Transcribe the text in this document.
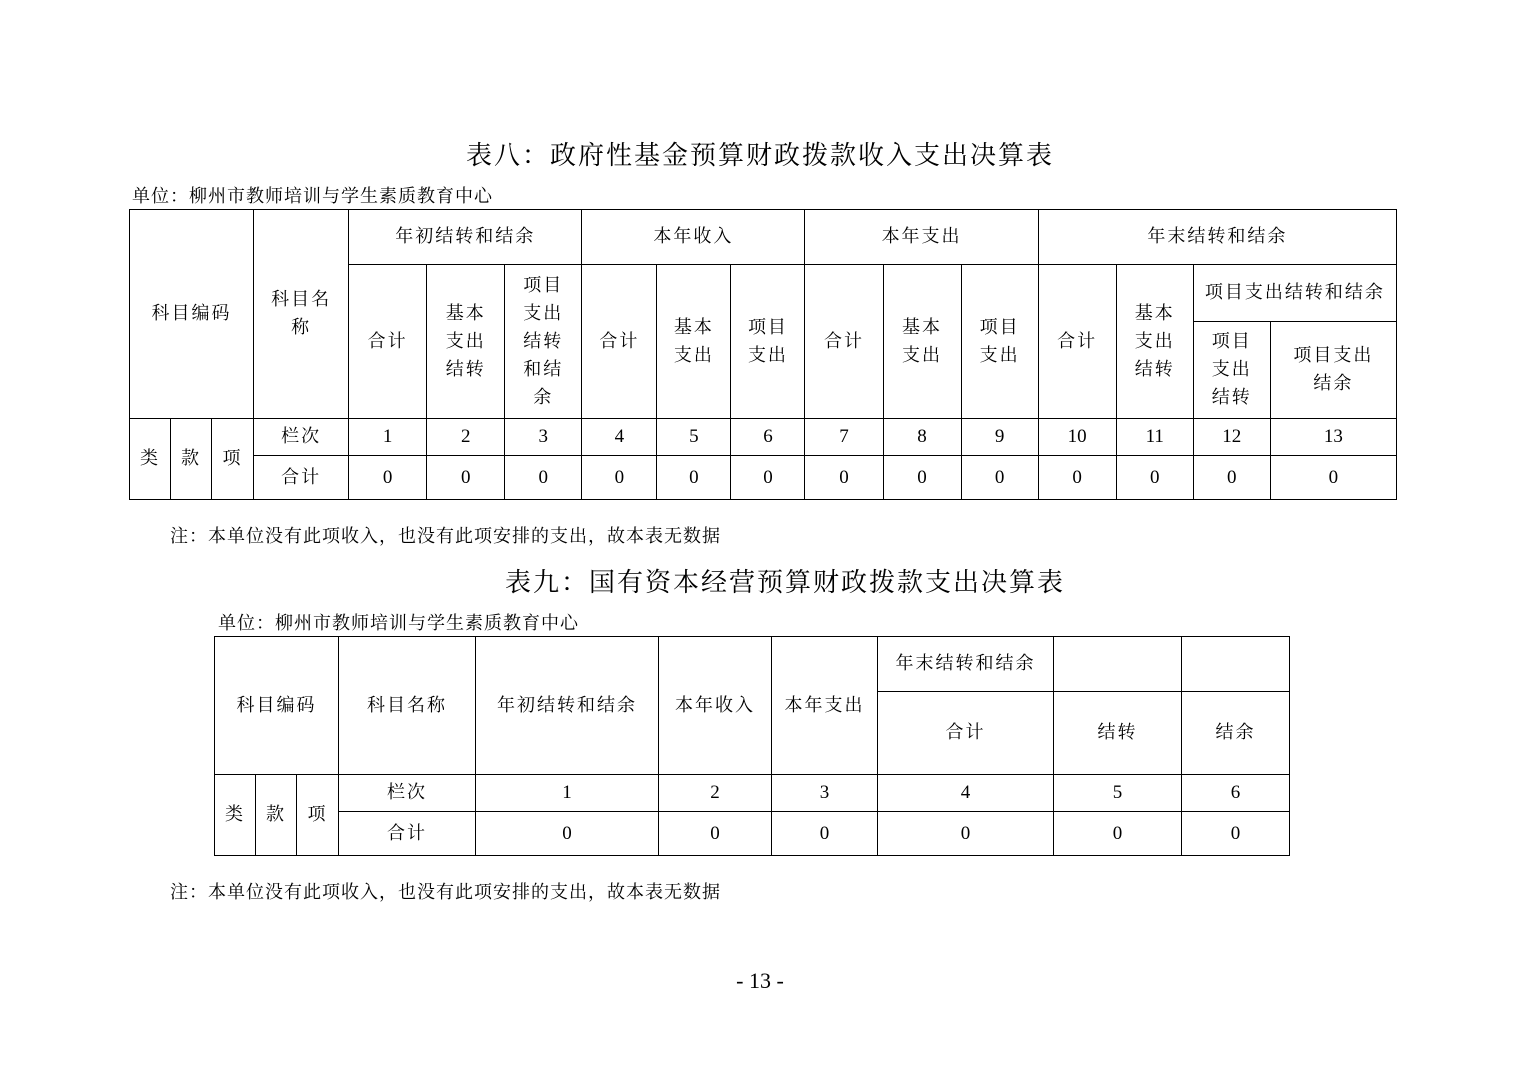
表八：政府性基金预算财政拨款收入支出决算表
单位：柳州市教师培训与学生素质教育中心
科目编码			科目名称	年初结转和结余			本年收入			本年支出			年末结转和结余			
				合计	基本支出结转	项目支出结转和结余	合计	基本支出	项目支出	合计	基本支出	项目支出	合计	基本支出结转	项目支出结转和结余	
															项目支出结转	项目支出结余
类	款	项	栏次	1	2	3	4	5	6	7	8	9	10	11	12	13
			合计	0	0	0	0	0	0	0	0	0	0	0	0	0
注：本单位没有此项收入，也没有此项安排的支出，故本表无数据
表九：国有资本经营预算财政拨款支出决算表
单位：柳州市教师培训与学生素质教育中心
科目编码			科目名称	年初结转和结余	本年收入	本年支出	年末结转和结余		
							合计	结转	结余
类	款	项	栏次	1	2	3	4	5	6
			合计	0	0	0	0	0	0
注：本单位没有此项收入，也没有此项安排的支出，故本表无数据
- 13 -
